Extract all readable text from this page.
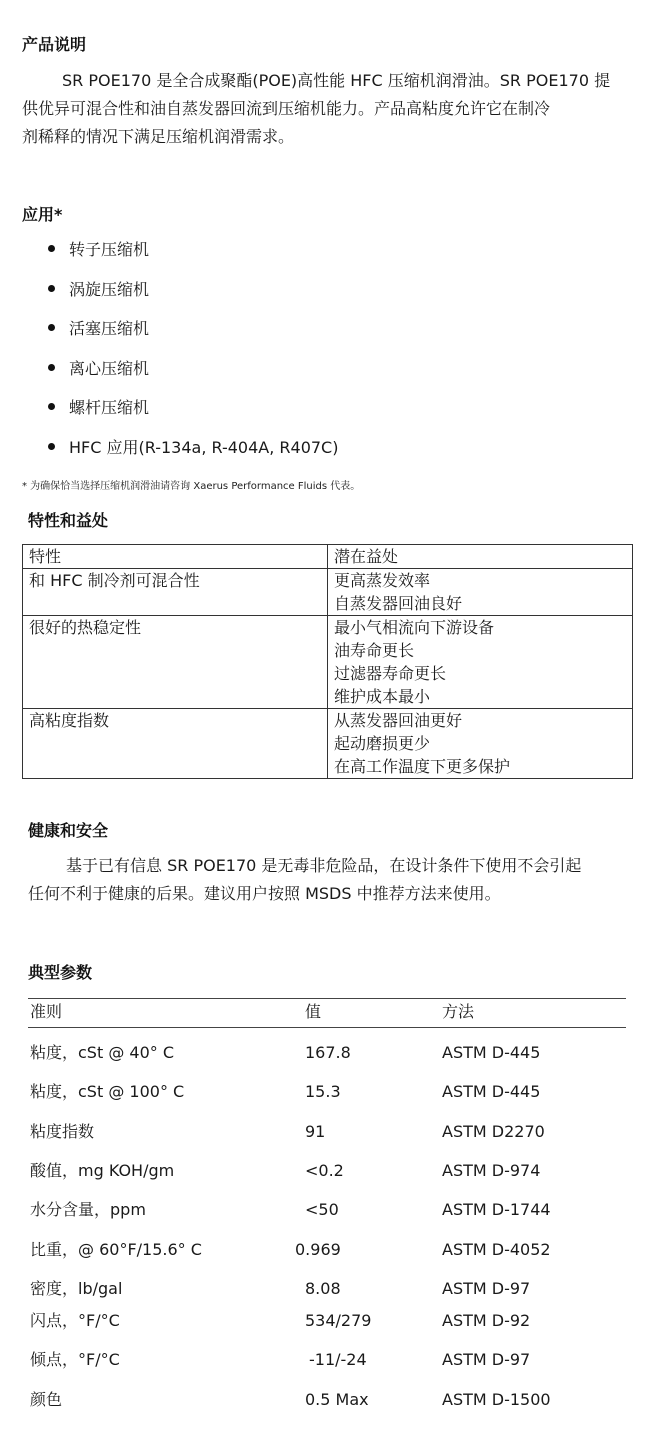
产品说明
SR POE170 是全合成聚酯(POE)高性能 HFC 压缩机润滑油。SR POE170 提
供优异可混合性和油自蒸发器回流到压缩机能力。产品高粘度允许它在制冷
剂稀释的情况下满足压缩机润滑需求。
应用*
转子压缩机
涡旋压缩机
活塞压缩机
离心压缩机
螺杆压缩机
HFC 应用(R-134a, R-404A, R407C)
* 为确保恰当选择压缩机润滑油请咨询 Xaerus Performance Fluids 代表。
特性和益处
特性	潜在益处
和 HFC 制冷剂可混合性	更高蒸发效率
自蒸发器回油良好

很好的热稳定性	最小气相流向下游设备
油寿命更长
过滤器寿命更长
维护成本最小

高粘度指数	从蒸发器回油更好
起动磨损更少
在高工作温度下更多保护
健康和安全
基于已有信息 SR POE170 是无毒非危险品，在设计条件下使用不会引起
任何不利于健康的后果。建议用户按照 MSDS 中推荐方法来使用。
典型参数
准则	值	方法
粘度，cSt @ 40° C	167.8	ASTM D-445
粘度，cSt @ 100° C	15.3	ASTM D-445
粘度指数	91	ASTM D2270
酸值，mg KOH/gm	<0.2	ASTM D-974
水分含量，ppm	<50	ASTM D-1744
比重，@ 60°F/15.6° C	0.969	ASTM D-4052
密度，lb/gal	8.08	ASTM D-97
闪点，°F/°C	534/279	ASTM D-92
倾点，°F/°C	-11/-24	ASTM D-97
颜色	0.5 Max	ASTM D-1500
